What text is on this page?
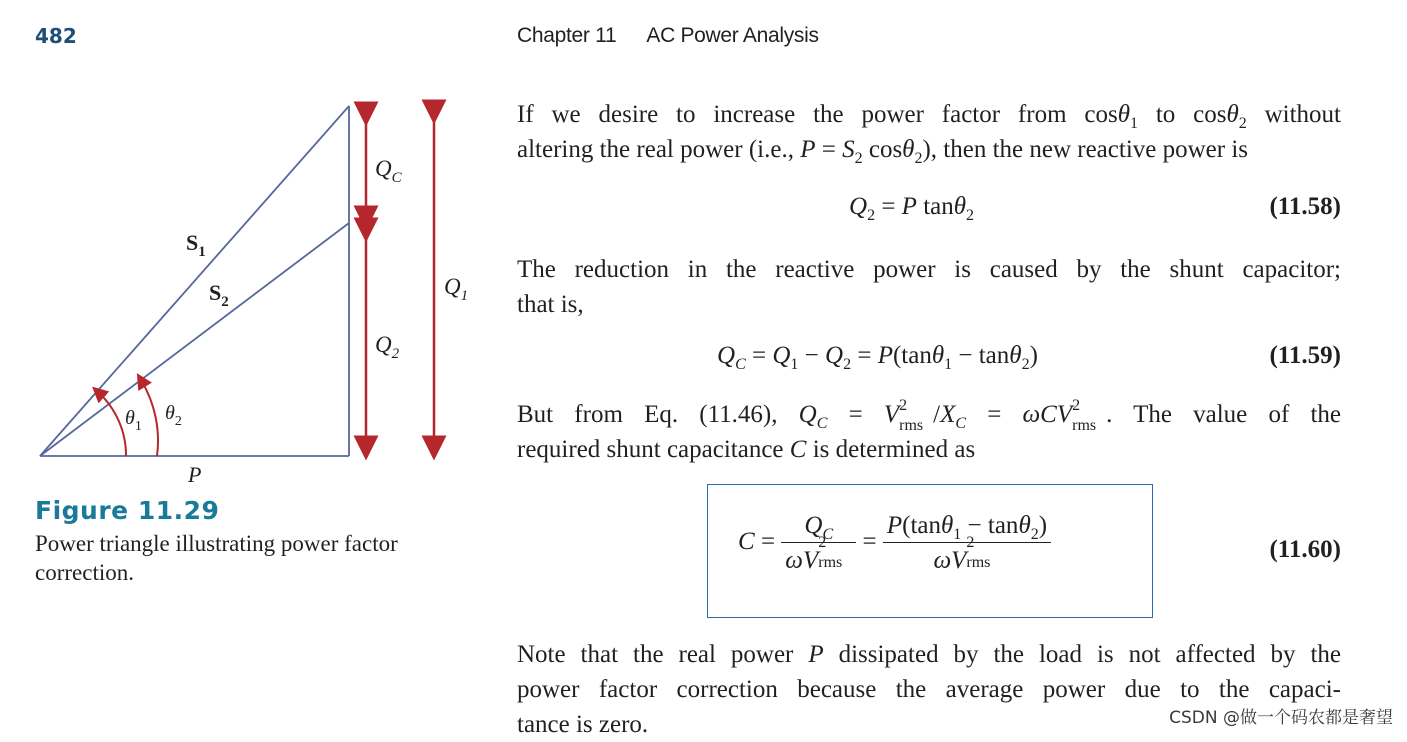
482	Chapter 11 AC Power Analysis
$S_1$
$S_2$
$Q_C$
$Q_2$
$Q_1$
$\theta_1$
$\theta_2$
P
Figure 11.29
Power triangle illustrating power factor correction.
If we desire to increase the power factor from cosθ$_1$ to cosθ$_2$ without
altering the real power (i.e., $P = S_2$ cosθ$_2$), then the new reactive power is
$Q_2 = P$ tanθ$_2$	(11.58)
The reduction in the reactive power is caused by the shunt capacitor;
that is,
$Q_C = Q_1 - Q_2 = P(\tan\theta_1 - \tan\theta_2)$	(11.59)
But from Eq. (11.46), $Q_C = V$ 2
rms $/X_C = \omega CV$ 2
rms . The value of the
required shunt capacitance C is determined as
$C = Q_C$
ωV
2
rms = P(tanθ$_1$ − tanθ$_2$)
ωV
2
rms	(11.60)
Note that the real power P dissipated by the load is not affected by the
power factor correction because the average power due to the capaci-
tance is zero.	CSDN @做一个码农都是奢望
